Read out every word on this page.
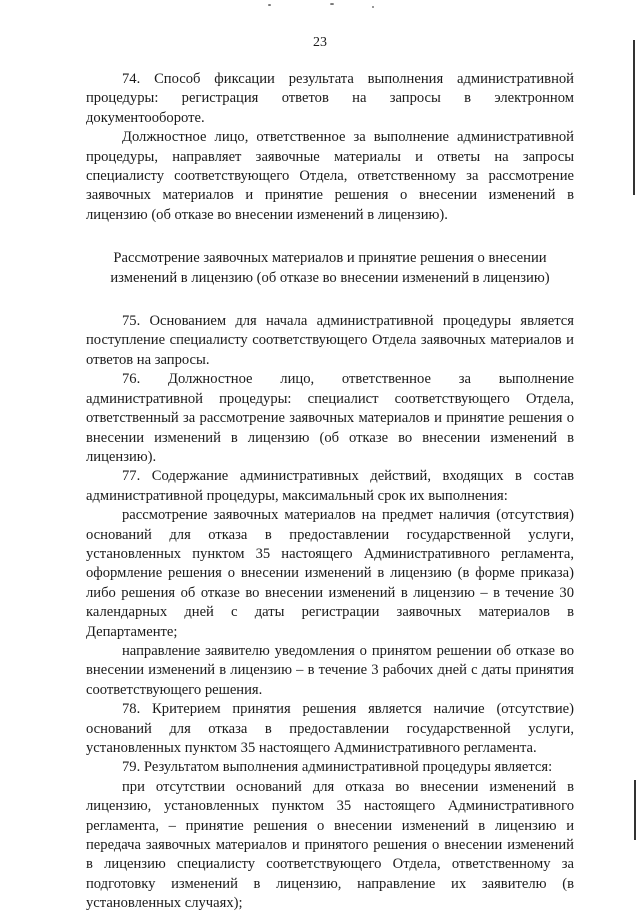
23

74. Способ фиксации результата выполнения административной процедуры: регистрация ответов на запросы в электронном документообороте.

Должностное лицо, ответственное за выполнение административной процедуры, направляет заявочные материалы и ответы на запросы специалисту соответствующего Отдела, ответственному за рассмотрение заявочных материалов и принятие решения о внесении изменений в лицензию (об отказе во внесении изменений в лицензию).

Рассмотрение заявочных материалов и принятие решения о внесении изменений в лицензию (об отказе во внесении изменений в лицензию)

75. Основанием для начала административной процедуры является поступление специалисту соответствующего Отдела заявочных материалов и ответов на запросы.

76. Должностное лицо, ответственное за выполнение административной процедуры: специалист соответствующего Отдела, ответственный за рассмотрение заявочных материалов и принятие решения о внесении изменений в лицензию (об отказе во внесении изменений в лицензию).

77. Содержание административных действий, входящих в состав административной процедуры, максимальный срок их выполнения:

рассмотрение заявочных материалов на предмет наличия (отсутствия) оснований для отказа в предоставлении государственной услуги, установленных пунктом 35 настоящего Административного регламента, оформление решения о внесении изменений в лицензию (в форме приказа) либо решения об отказе во внесении изменений в лицензию – в течение 30 календарных дней с даты регистрации заявочных материалов в Департаменте;

направление заявителю уведомления о принятом решении об отказе во внесении изменений в лицензию – в течение 3 рабочих дней с даты принятия соответствующего решения.

78. Критерием принятия решения является наличие (отсутствие) оснований для отказа в предоставлении государственной услуги, установленных пунктом 35 настоящего Административного регламента.

79. Результатом выполнения административной процедуры является:

при отсутствии оснований для отказа во внесении изменений в лицензию, установленных пунктом 35 настоящего Административного регламента, – принятие решения о внесении изменений в лицензию и передача заявочных материалов и принятого решения о внесении изменений в лицензию специалисту соответствующего Отдела, ответственному за подготовку изменений в лицензию, направление их заявителю (в установленных случаях);
